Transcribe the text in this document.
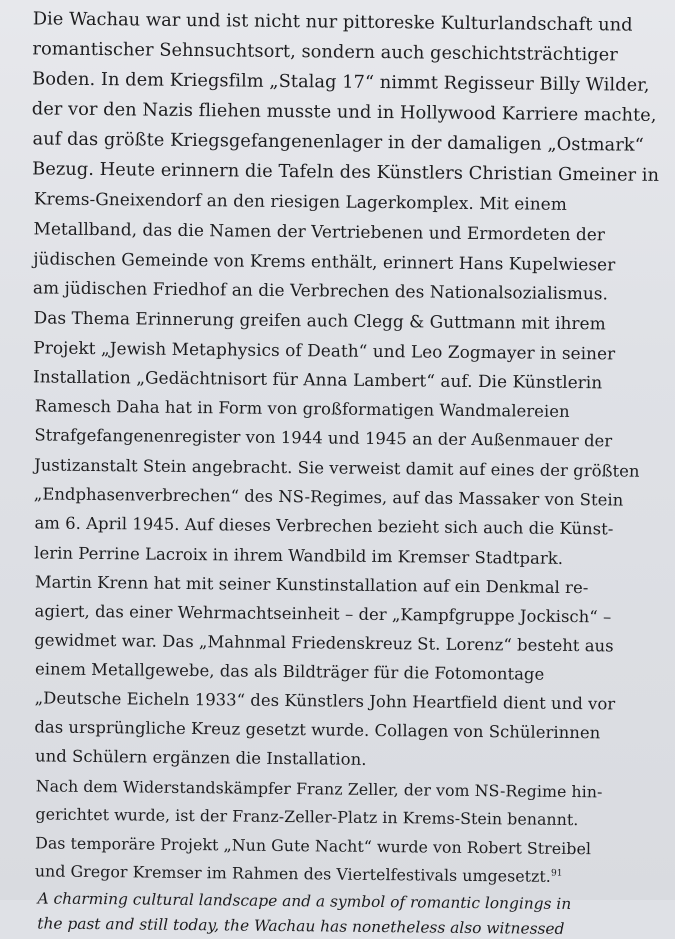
Die Wachau war und ist nicht nur pittoreske Kulturlandschaft und
romantischer Sehnsuchtsort, sondern auch geschichtsträchtiger
Boden. In dem Kriegsfilm „Stalag 17“ nimmt Regisseur Billy Wilder,
der vor den Nazis fliehen musste und in Hollywood Karriere machte,
auf das größte Kriegsgefangenenlager in der damaligen „Ostmark“
Bezug. Heute erinnern die Tafeln des Künstlers Christian Gmeiner in
Krems-Gneixendorf an den riesigen Lagerkomplex. Mit einem
Metallband, das die Namen der Vertriebenen und Ermordeten der
jüdischen Gemeinde von Krems enthält, erinnert Hans Kupelwieser
am jüdischen Friedhof an die Verbrechen des Nationalsozialismus.
Das Thema Erinnerung greifen auch Clegg & Guttmann mit ihrem
Projekt „Jewish Metaphysics of Death“ und Leo Zogmayer in seiner
Installation „Gedächtnisort für Anna Lambert“ auf. Die Künstlerin
Ramesch Daha hat in Form von großformatigen Wandmalereien
Strafgefangenenregister von 1944 und 1945 an der Außenmauer der
Justizanstalt Stein angebracht. Sie verweist damit auf eines der größten
„Endphasenverbrechen“ des NS-Regimes, auf das Massaker von Stein
am 6. April 1945. Auf dieses Verbrechen bezieht sich auch die Künst-
lerin Perrine Lacroix in ihrem Wandbild im Kremser Stadtpark.
Martin Krenn hat mit seiner Kunstinstallation auf ein Denkmal re-
agiert, das einer Wehrmachtseinheit – der „Kampfgruppe Jockisch“ –
gewidmet war. Das „Mahnmal Friedenskreuz St. Lorenz“ besteht aus
einem Metallgewebe, das als Bildträger für die Fotomontage
„Deutsche Eicheln 1933“ des Künstlers John Heartfield dient und vor
das ursprüngliche Kreuz gesetzt wurde. Collagen von Schülerinnen
und Schülern ergänzen die Installation.
Nach dem Widerstandskämpfer Franz Zeller, der vom NS-Regime hin-
gerichtet wurde, ist der Franz-Zeller-Platz in Krems-Stein benannt.
Das temporäre Projekt „Nun Gute Nacht“ wurde von Robert Streibel
und Gregor Kremser im Rahmen des Viertelfestivals umgesetzt.$^{91}$
A charming cultural landscape and a symbol of romantic longings in
the past and still today, the Wachau has nonetheless also witnessed
